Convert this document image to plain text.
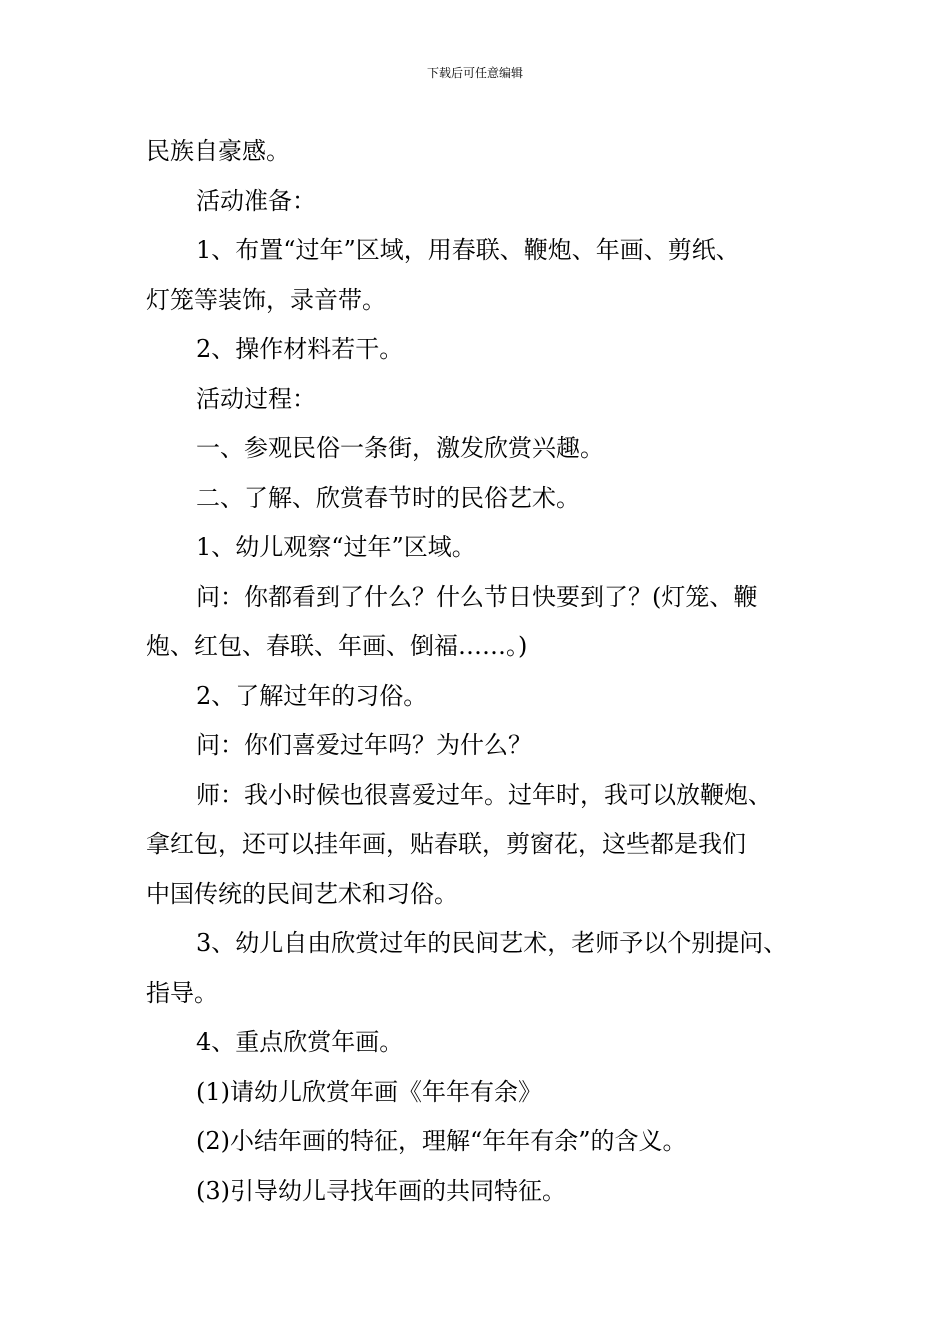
下载后可任意编辑
民族自豪感。
活动准备：
1、布置“过年”区域，用春联、鞭炮、年画、剪纸、
灯笼等装饰，录音带。
2、操作材料若干。
活动过程：
一、参观民俗一条街，激发欣赏兴趣。
二、了解、欣赏春节时的民俗艺术。
1、幼儿观察“过年”区域。
问：你都看到了什么？什么节日快要到了？(灯笼、鞭
炮、红包、春联、年画、倒福……。)
2、了解过年的习俗。
问：你们喜爱过年吗？为什么？
师：我小时候也很喜爱过年。过年时，我可以放鞭炮、
拿红包，还可以挂年画，贴春联，剪窗花，这些都是我们
中国传统的民间艺术和习俗。
3、幼儿自由欣赏过年的民间艺术，老师予以个别提问、
指导。
4、重点欣赏年画。
(1)请幼儿欣赏年画《年年有余》
(2)小结年画的特征，理解“年年有余”的含义。
(3)引导幼儿寻找年画的共同特征。
